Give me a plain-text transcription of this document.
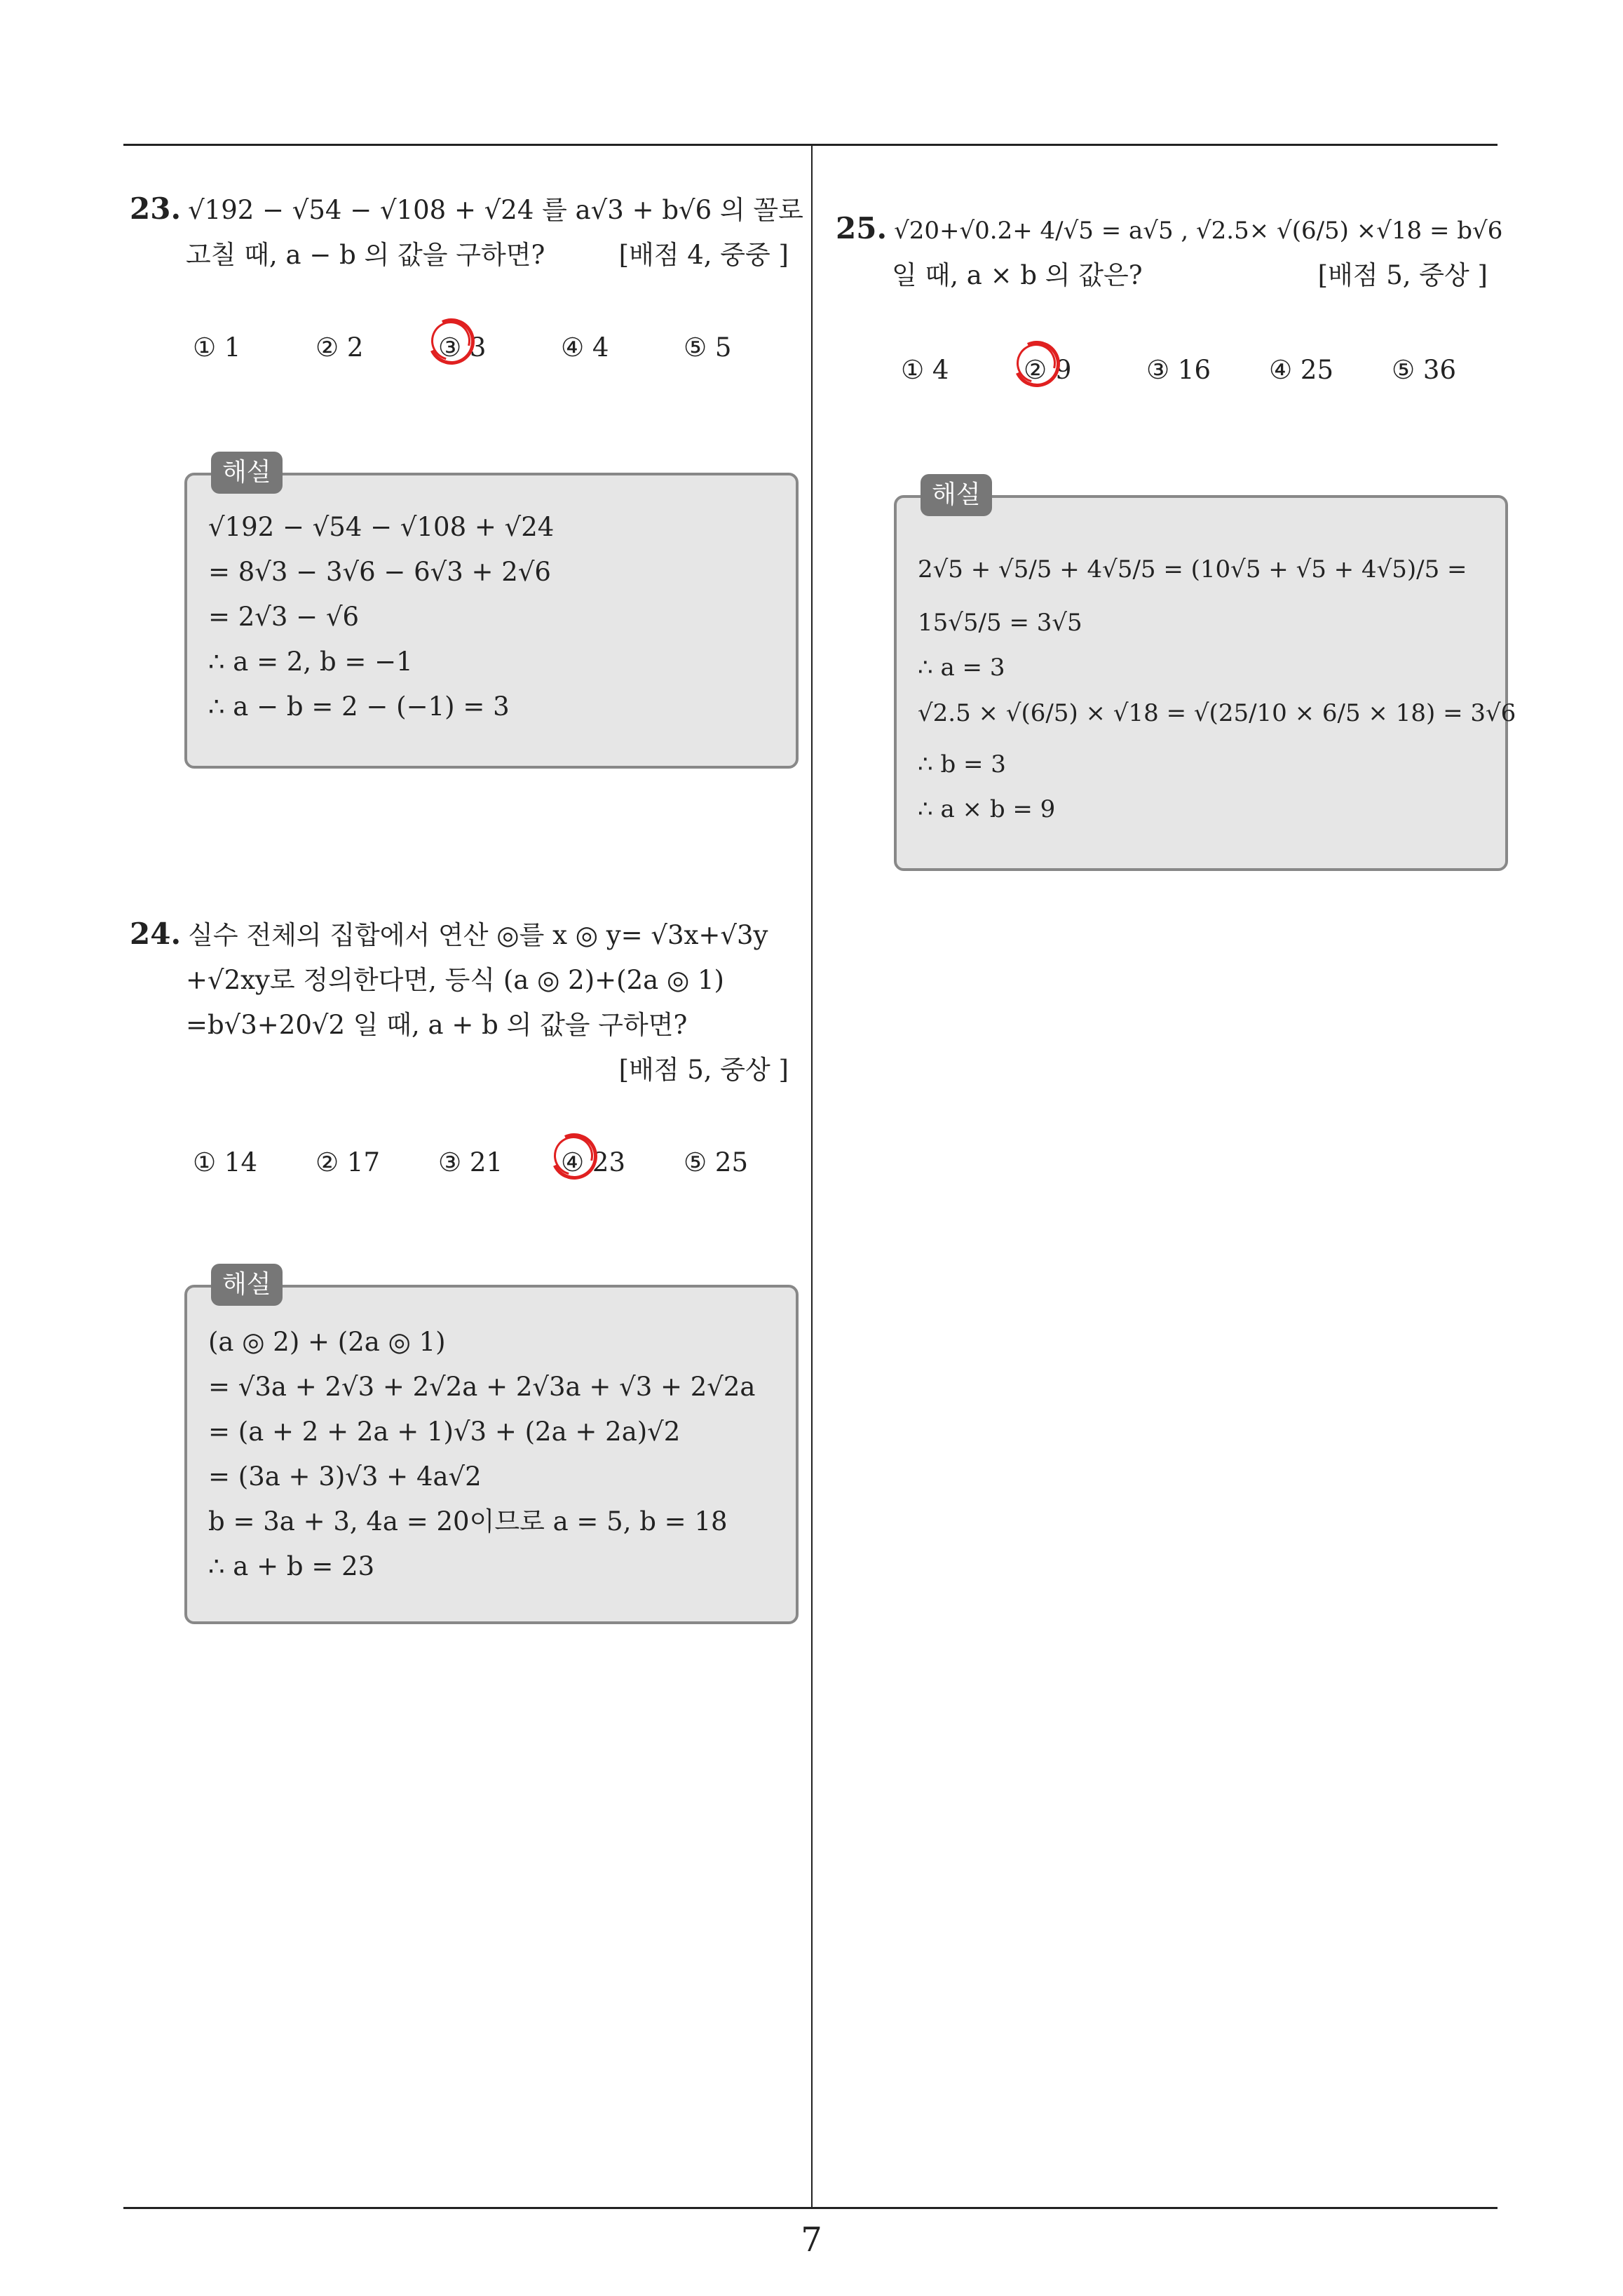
7
23. √192 − √54 − √108 + √24 를 a√3 + b√6 의 꼴로
고칠 때, a − b 의 값을 구하면?	[배점 4, 중중 ]
① 1	② 2	③ 3	④ 4	⑤ 5
해설
√192 − √54 − √108 + √24
= 8√3 − 3√6 − 6√3 + 2√6
= 2√3 − √6
∴ a = 2, b = −1
∴ a − b = 2 − (−1) = 3
24. 실수 전체의 집합에서 연산 ◎를 x ◎ y= √3x+√3y
+√2xy로 정의한다면, 등식 (a ◎ 2)+(2a ◎ 1)
=b√3+20√2 일 때, a + b 의 값을 구하면?
[배점 5, 중상 ]
① 14 ② 17 ③ 21 ④ 23 ⑤ 25
해설
(a ◎ 2) + (2a ◎ 1)
= √3a + 2√3 + 2√2a + 2√3a + √3 + 2√2a
= (a + 2 + 2a + 1)√3 + (2a + 2a)√2
= (3a + 3)√3 + 4a√2
b = 3a + 3, 4a = 20이므로 a = 5, b = 18
∴ a + b = 23
25. √20+√0.2+ 4/√5 = a√5 , √2.5× √(6/5) ×√18 = b√6
일 때, a × b 의 값은?	[배점 5, 중상 ]
① 4	② 9	③ 16 ④ 25 ⑤ 36
해설
2√5 + √5/5 + 4√5/5 = (10√5 + √5 + 4√5)/5 =
15√5/5 = 3√5
∴ a = 3
√2.5 × √(6/5) × √18 = √(25/10 × 6/5 × 18) = 3√6
∴ b = 3
∴ a × b = 9
